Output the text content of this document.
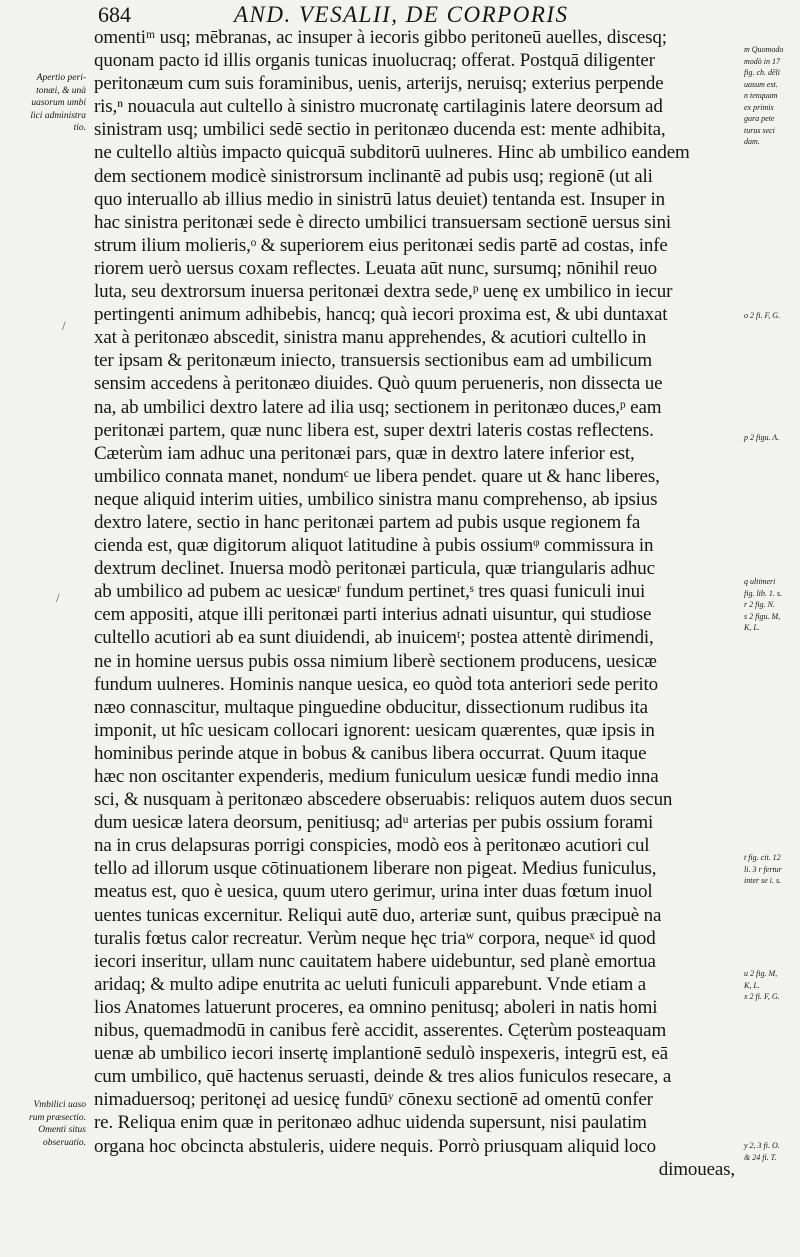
684	AND. VESALII, DE CORPORIS
omentiᵐ usq; mēbranas, ac insuper à iecoris gibbo peritoneū auelles, discesq;
quonam pacto id illis organis tunicas inuolucraq; offerat. Postquā diligenter
peritonæum cum suis foraminibus, uenis, arterijs, neruisq; exterius perpende
ris,ⁿ nouacula aut cultello à sinistro mucronatę cartilaginis latere deorsum ad
sinistram usq; umbilici sedē sectio in peritonæo ducenda est: mente adhibita,
ne cultello altiùs impacto quicquā subditorū uulneres. Hinc ab umbilico eandem
dem sectionem modicè sinistrorsum inclinantē ad pubis usq; regionē (ut ali
quo interuallo ab illius medio in sinistrū latus deuiet) tentanda est. Insuper in
hac sinistra peritonæi sede è directo umbilici transuersam sectionē uersus sini
strum ilium molieris,ᵒ & superiorem eius peritonæi sedis partē ad costas, infe
riorem uerò uersus coxam reflectes. Leuata aūt nunc, sursumq; nōnihil reuo
luta, seu dextrorsum inuersa peritonæi dextra sede,ᵖ uenę ex umbilico in iecur
pertingenti animum adhibebis, hancq; quà iecori proxima est, & ubi duntaxat
xat à peritonæo abscedit, sinistra manu apprehendes, & acutiori cultello in
ter ipsam & peritonæum iniecto, transuersis sectionibus eam ad umbilicum
sensim accedens à peritonæo diuides. Quò quum perueneris, non dissecta ue
na, ab umbilici dextro latere ad ilia usq; sectionem in peritonæo duces,ᵖ eam
peritonæi partem, quæ nunc libera est, super dextri lateris costas reflectens.
Cæterùm iam adhuc una peritonæi pars, quæ in dextro latere inferior est,
umbilico connata manet, nondumᶜ ue libera pendet. quare ut & hanc liberes,
neque aliquid interim uities, umbilico sinistra manu comprehenso, ab ipsius
dextro latere, sectio in hanc peritonæi partem ad pubis usque regionem fa
cienda est, quæ digitorum aliquot latitudine à pubis ossiumᵠ commissura in
dextrum declinet. Inuersa modò peritonæi particula, quæ triangularis adhuc
ab umbilico ad pubem ac uesicæʳ fundum pertinet,ˢ tres quasi funiculi inui
cem appositi, atque illi peritonæi parti interius adnati uisuntur, qui studiose
cultello acutiori ab ea sunt diuidendi, ab inuicemᵗ; postea attentè dirimendi,
ne in homine uersus pubis ossa nimium liberè sectionem producens, uesicæ
fundum uulneres. Hominis nanque uesica, eo quòd tota anteriori sede perito
næo connascitur, multaque pinguedine obducitur, dissectionum rudibus ita
imponit, ut hîc uesicam collocari ignorent: uesicam quærentes, quæ ipsis in
hominibus perinde atque in bobus & canibus libera occurrat. Quum itaque
hæc non oscitanter expenderis, medium funiculum uesicæ fundi medio inna
sci, & nusquam à peritonæo abscedere obseruabis: reliquos autem duos secun
dum uesicæ latera deorsum, penitiusq; adᵘ arterias per pubis ossium forami
na in crus delapsuras porrigi conspicies, modò eos à peritonæo acutiori cul
tello ad illorum usque cōtinuationem liberare non pigeat. Medius funiculus,
meatus est, quo è uesica, quum utero gerimur, urina inter duas fœtum inuol
uentes tunicas excernitur. Reliqui autē duo, arteriæ sunt, quibus præcipuè na
turalis fœtus calor recreatur. Verùm neque hęc triaʷ corpora, nequeˣ id quod
iecori inseritur, ullam nunc cauitatem habere uidebuntur, sed planè emortua
aridaq; & multo adipe enutrita ac ueluti funiculi apparebunt. Vnde etiam a
lios Anatomes latuerunt proceres, ea omnino penitusq; aboleri in natis homi
nibus, quemadmodū in canibus ferè accidit, asserentes. Cęterùm posteaquam
uenæ ab umbilico iecori insertę implantionē sedulò inspexeris, integrū est, eā
cum umbilico, quē hactenus seruasti, deinde & tres alios funiculos resecare, a
nimaduersoq; peritonęi ad uesicę fundūʸ cōnexu sectionē ad omentū confer
re. Reliqua enim quæ in peritonæo adhuc uidenda supersunt, nisi paulatim
organa hoc obcincta abstuleris, uidere nequis. Porrò priusquam aliquid loco
dimoueas,
Apertio peri-
tonæi, & unà
uasorum umbi
lici administra
tio.
Vmbilici uaso
rum præsectio.
Omenti situs
obseruatio.
m Quomodo
modò in 17
fig. ch. dēli
uasum est.
n tenquam
ex primis
gura pete
turus seci
dam.
o 2 fi. F, G.
p 2 figu. A.
q ultimeri
fig. lib. 1. s.
r 2 fig. N.
s 2 figu. M,
K, L.
t fig. cit. 12
li. 3 r fertur
inter se i. s.
u 2 fig. M,
K, L.
x 2 fi. F, G.
y 2, 3 fi. O.
& 24 fi. T.
/
/
